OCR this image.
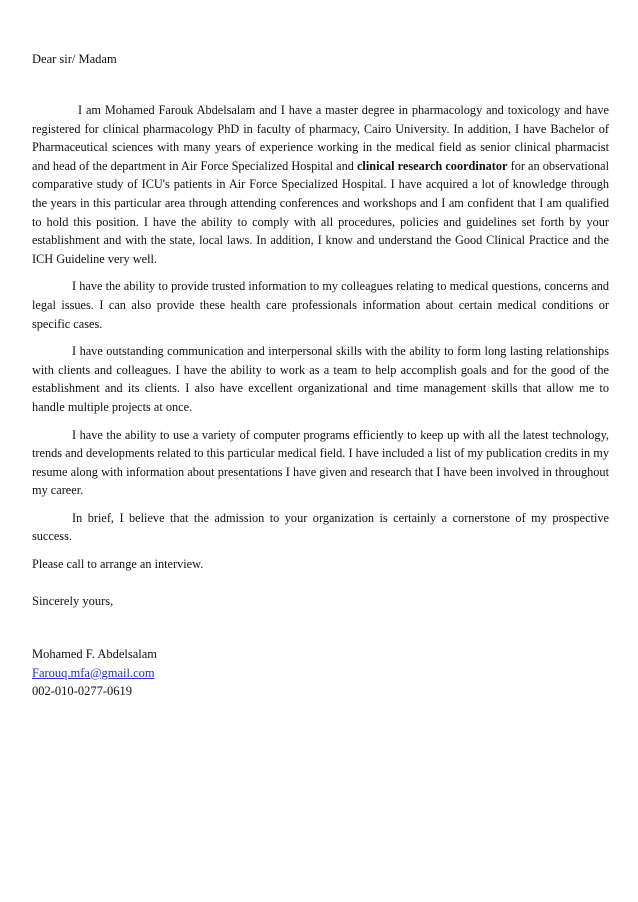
Dear sir/ Madam

I am Mohamed Farouk Abdelsalam and I have a master degree in pharmacology and toxicology and have registered for clinical pharmacology PhD in faculty of pharmacy, Cairo University. In addition, I have Bachelor of Pharmaceutical sciences with many years of experience working in the medical field as senior clinical pharmacist and head of the department in Air Force Specialized Hospital and clinical research coordinator for an observational comparative study of ICU's patients in Air Force Specialized Hospital. I have acquired a lot of knowledge through the years in this particular area through attending conferences and workshops and I am confident that I am qualified to hold this position. I have the ability to comply with all procedures, policies and guidelines set forth by your establishment and with the state, local laws. In addition, I know and understand the Good Clinical Practice and the ICH Guideline very well.

I have the ability to provide trusted information to my colleagues relating to medical questions, concerns and legal issues. I can also provide these health care professionals information about certain medical conditions or specific cases.

I have outstanding communication and interpersonal skills with the ability to form long lasting relationships with clients and colleagues. I have the ability to work as a team to help accomplish goals and for the good of the establishment and its clients. I also have excellent organizational and time management skills that allow me to handle multiple projects at once.

I have the ability to use a variety of computer programs efficiently to keep up with all the latest technology, trends and developments related to this particular medical field. I have included a list of my publication credits in my resume along with information about presentations I have given and research that I have been involved in throughout my career.

In brief, I believe that the admission to your organization is certainly a cornerstone of my prospective success.

Please call to arrange an interview.

Sincerely yours,
Mohamed F. Abdelsalam
Farouq.mfa@gmail.com
002-010-0277-0619
